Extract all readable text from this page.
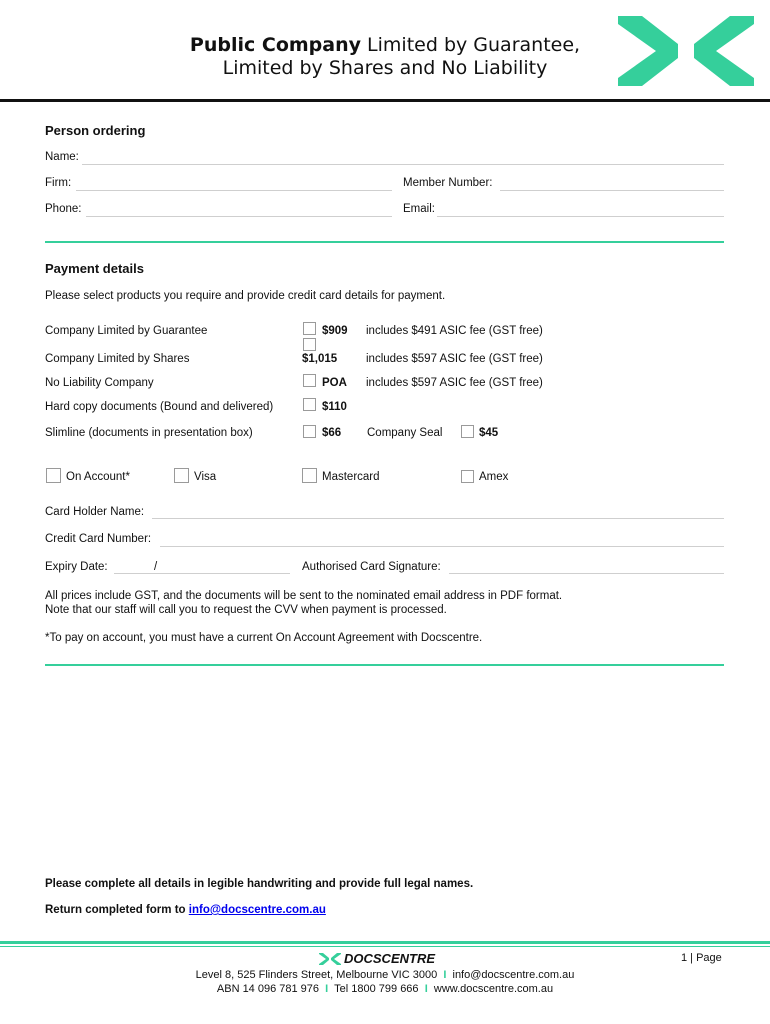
Public Company Limited by Guarantee,
Limited by Shares and No Liability
Person ordering
Name:
Firm:	Member Number:
Phone:	Email:
Payment details
Please select products you require and provide credit card details for payment.
Company Limited by Guarantee	$909 includes $491 ASIC fee (GST free)
Company Limited by Shares	$1,015	includes $597 ASIC fee (GST free)
No Liability Company	POA includes $597 ASIC fee (GST free)
Hard copy documents (Bound and delivered)	$110
Slimline (documents in presentation box)	$66 Company Seal	$45
On Account*	Visa	Mastercard	Amex
Card Holder Name:
Credit Card Number:
Expiry Date:	/	Authorised Card Signature:
All prices include GST, and the documents will be sent to the nominated email address in PDF format.
Note that our staff will call you to request the CVV when payment is processed.
*To pay on account, you must have a current On Account Agreement with Docscentre.
Please complete all details in legible handwriting and provide full legal names.
Return completed form to info@docscentre.com.au
DOCSCENTRE	1 | Page
Level 8, 525 Flinders Street, Melbourne VIC 3000 I info@docscentre.com.au
ABN 14 096 781 976 I Tel 1800 799 666 I www.docscentre.com.au
